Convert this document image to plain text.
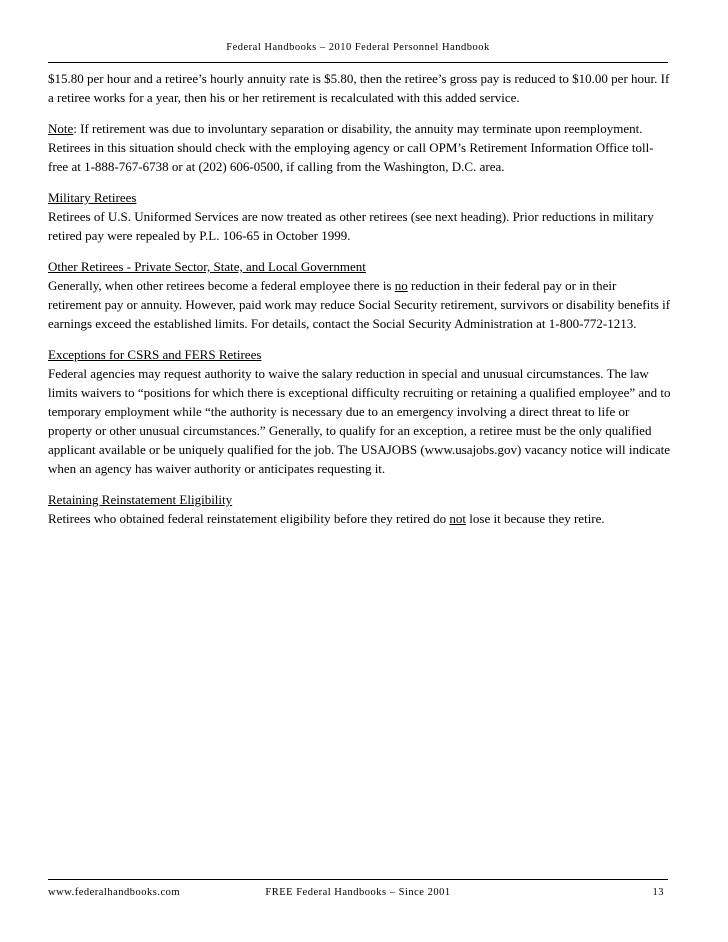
Federal Handbooks – 2010 Federal Personnel Handbook

$15.80 per hour and a retiree’s hourly annuity rate is $5.80, then the retiree’s gross pay is reduced to $10.00 per hour. If a retiree works for a year, then his or her retirement is recalculated with this added service.

Note: If retirement was due to involuntary separation or disability, the annuity may terminate upon reemployment. Retirees in this situation should check with the employing agency or call OPM’s Retirement Information Office toll-free at 1-888-767-6738 or at (202) 606-0500, if calling from the Washington, D.C. area.

Military Retirees
Retirees of U.S. Uniformed Services are now treated as other retirees (see next heading). Prior reductions in military retired pay were repealed by P.L. 106-65 in October 1999.

Other Retirees - Private Sector, State, and Local Government
Generally, when other retirees become a federal employee there is no reduction in their federal pay or in their retirement pay or annuity. However, paid work may reduce Social Security retirement, survivors or disability benefits if earnings exceed the established limits. For details, contact the Social Security Administration at 1-800-772-1213.

Exceptions for CSRS and FERS Retirees
Federal agencies may request authority to waive the salary reduction in special and unusual circumstances. The law limits waivers to “positions for which there is exceptional difficulty recruiting or retaining a qualified employee” and to temporary employment while “the authority is necessary due to an emergency involving a direct threat to life or property or other unusual circumstances.” Generally, to qualify for an exception, a retiree must be the only qualified applicant available or be uniquely qualified for the job. The USAJOBS (www.usajobs.gov) vacancy notice will indicate when an agency has waiver authority or anticipates requesting it.

Retaining Reinstatement Eligibility
Retirees who obtained federal reinstatement eligibility before they retired do not lose it because they retire.

www.federalhandbooks.com	FREE Federal Handbooks – Since 2001	13
